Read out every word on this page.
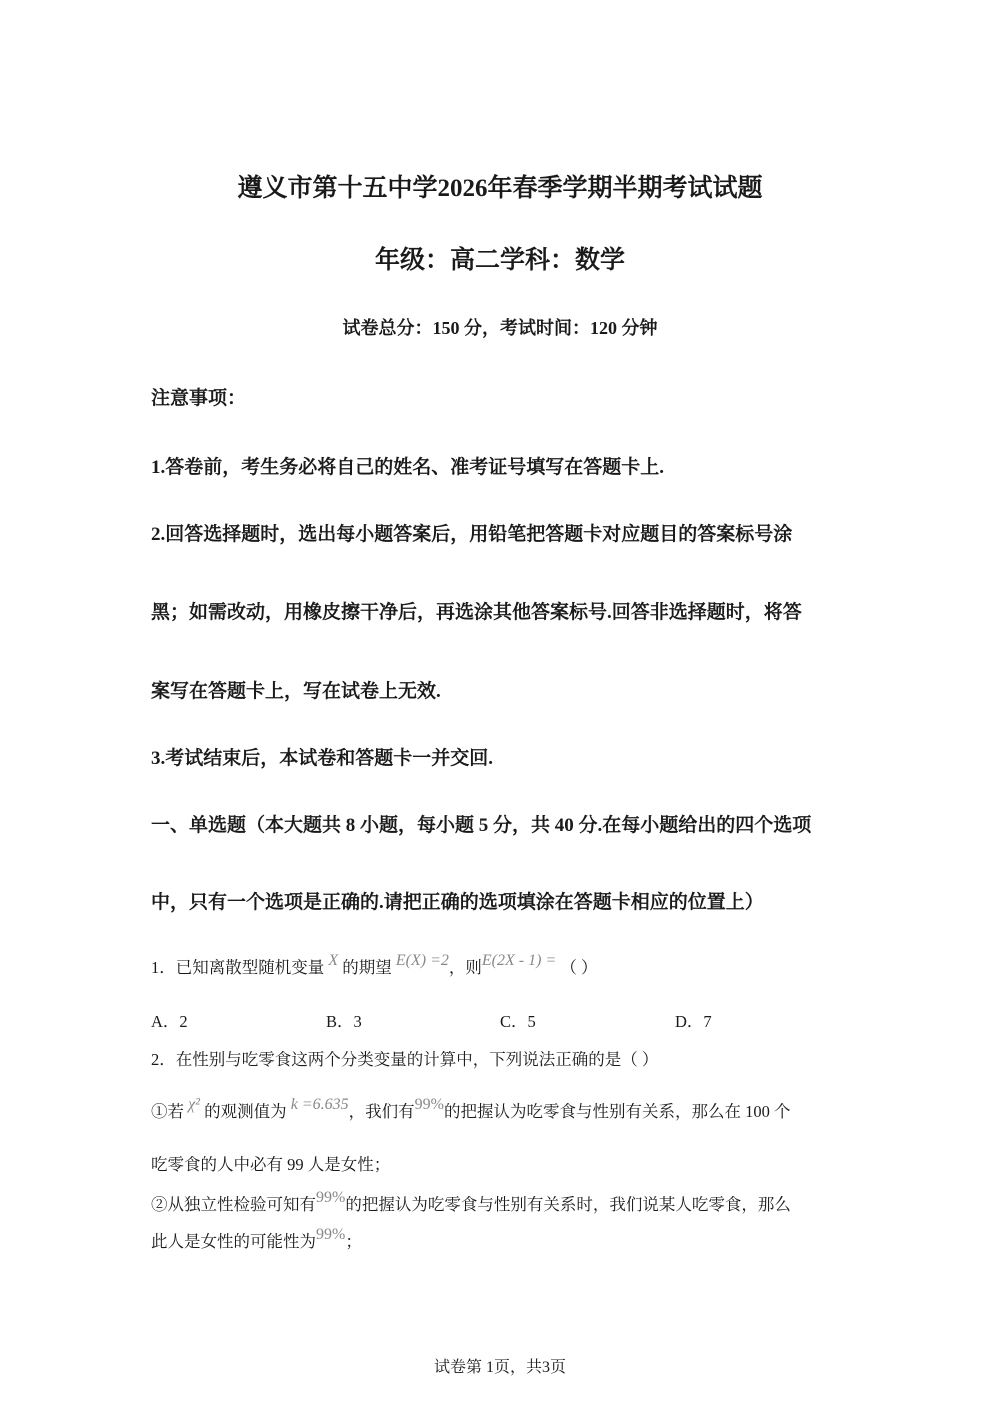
遵义市第十五中学2026年春季学期半期考试试题
年级：高二学科：数学
试卷总分：150 分，考试时间：120 分钟
注意事项：
1.答卷前，考生务必将自己的姓名、准考证号填写在答题卡上.
2.回答选择题时，选出每小题答案后，用铅笔把答题卡对应题目的答案标号涂
黑；如需改动，用橡皮擦干净后，再选涂其他答案标号.回答非选择题时，将答
案写在答题卡上，写在试卷上无效.
3.考试结束后，本试卷和答题卡一并交回.
一、单选题（本大题共 8 小题，每小题 5 分，共 40 分.在每小题给出的四个选项
中，只有一个选项是正确的.请把正确的选项填涂在答题卡相应的位置上）
1．已知离散型随机变量 X 的期望 E(X) =2，则E(2X - 1) = （ ）
A．2	B．3	C．5	D．7
2．在性别与吃零食这两个分类变量的计算中，下列说法正确的是（ ）
①若 χ² 的观测值为 k =6.635，我们有99%的把握认为吃零食与性别有关系，那么在 100 个
吃零食的人中必有 99 人是女性；
②从独立性检验可知有99%的把握认为吃零食与性别有关系时，我们说某人吃零食，那么
此人是女性的可能性为99%；
试卷第 1页，共3页
